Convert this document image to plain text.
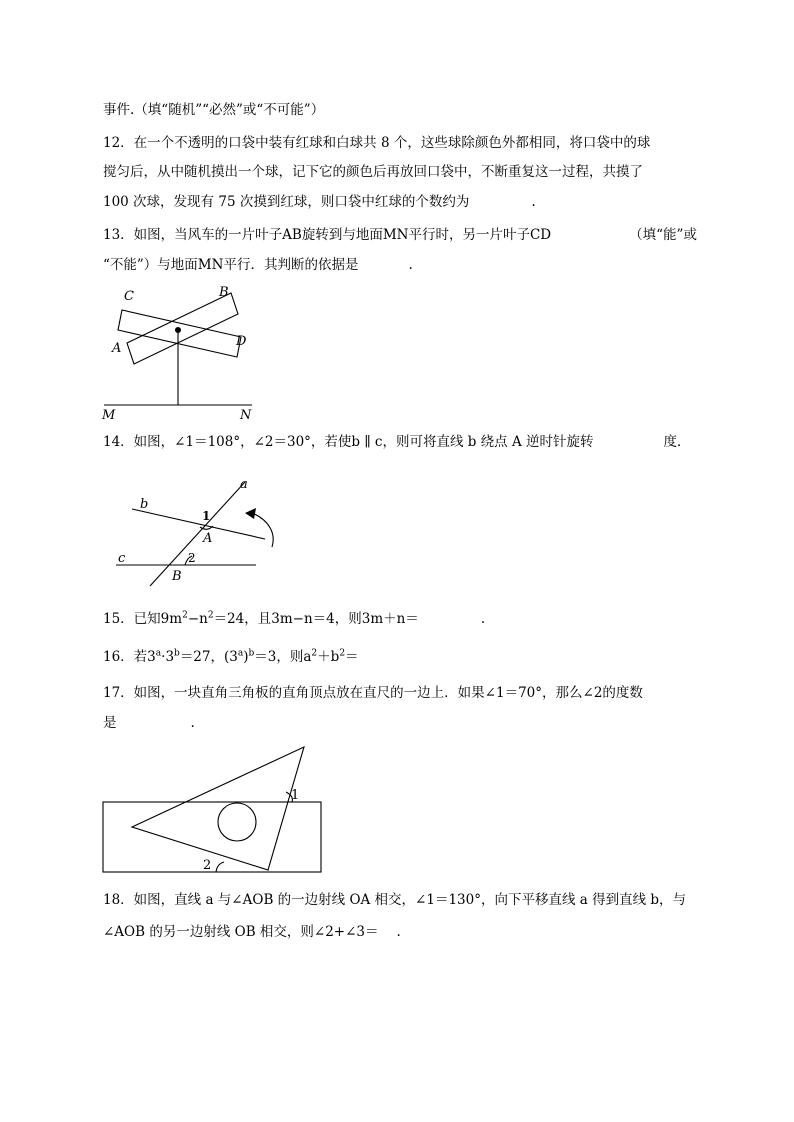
事件.（填“随机”“必然”或“不可能”）
12．在一个不透明的口袋中装有红球和白球共 8 个，这些球除颜色外都相同，将口袋中的球
搅匀后，从中随机摸出一个球，记下它的颜色后再放回口袋中，不断重复这一过程，共摸了
100 次球，发现有 75 次摸到红球，则口袋中红球的个数约为	.
13．如图，当风车的一片叶子AB旋转到与地面MN平行时，另一片叶子CD	（填“能”或
“不能”）与地面MN平行．其判断的依据是	.
C	B
A	D
M	N
14．如图，∠1＝108°，∠2＝30°，若使b ∥ c，则可将直线 b 绕点 A 逆时针旋转	度．
a
b
c
1
A
2
B
15．已知$9m^2-n^2=24$，且3m−n＝4，则3m＋n＝	.
16．若$3^a\cdot 3^b=27$，$(3^a)^b=3$，则$a^2+b^2=$
17．如图，一块直角三角板的直角顶点放在直尺的一边上．如果∠1＝70°，那么∠2的度数
是	.
1
2
18．如图，直线 a 与∠AOB 的一边射线 OA 相交，∠1＝130°，向下平移直线 a 得到直线 b，与
∠AOB 的另一边射线 OB 相交，则∠2+∠3＝ .
